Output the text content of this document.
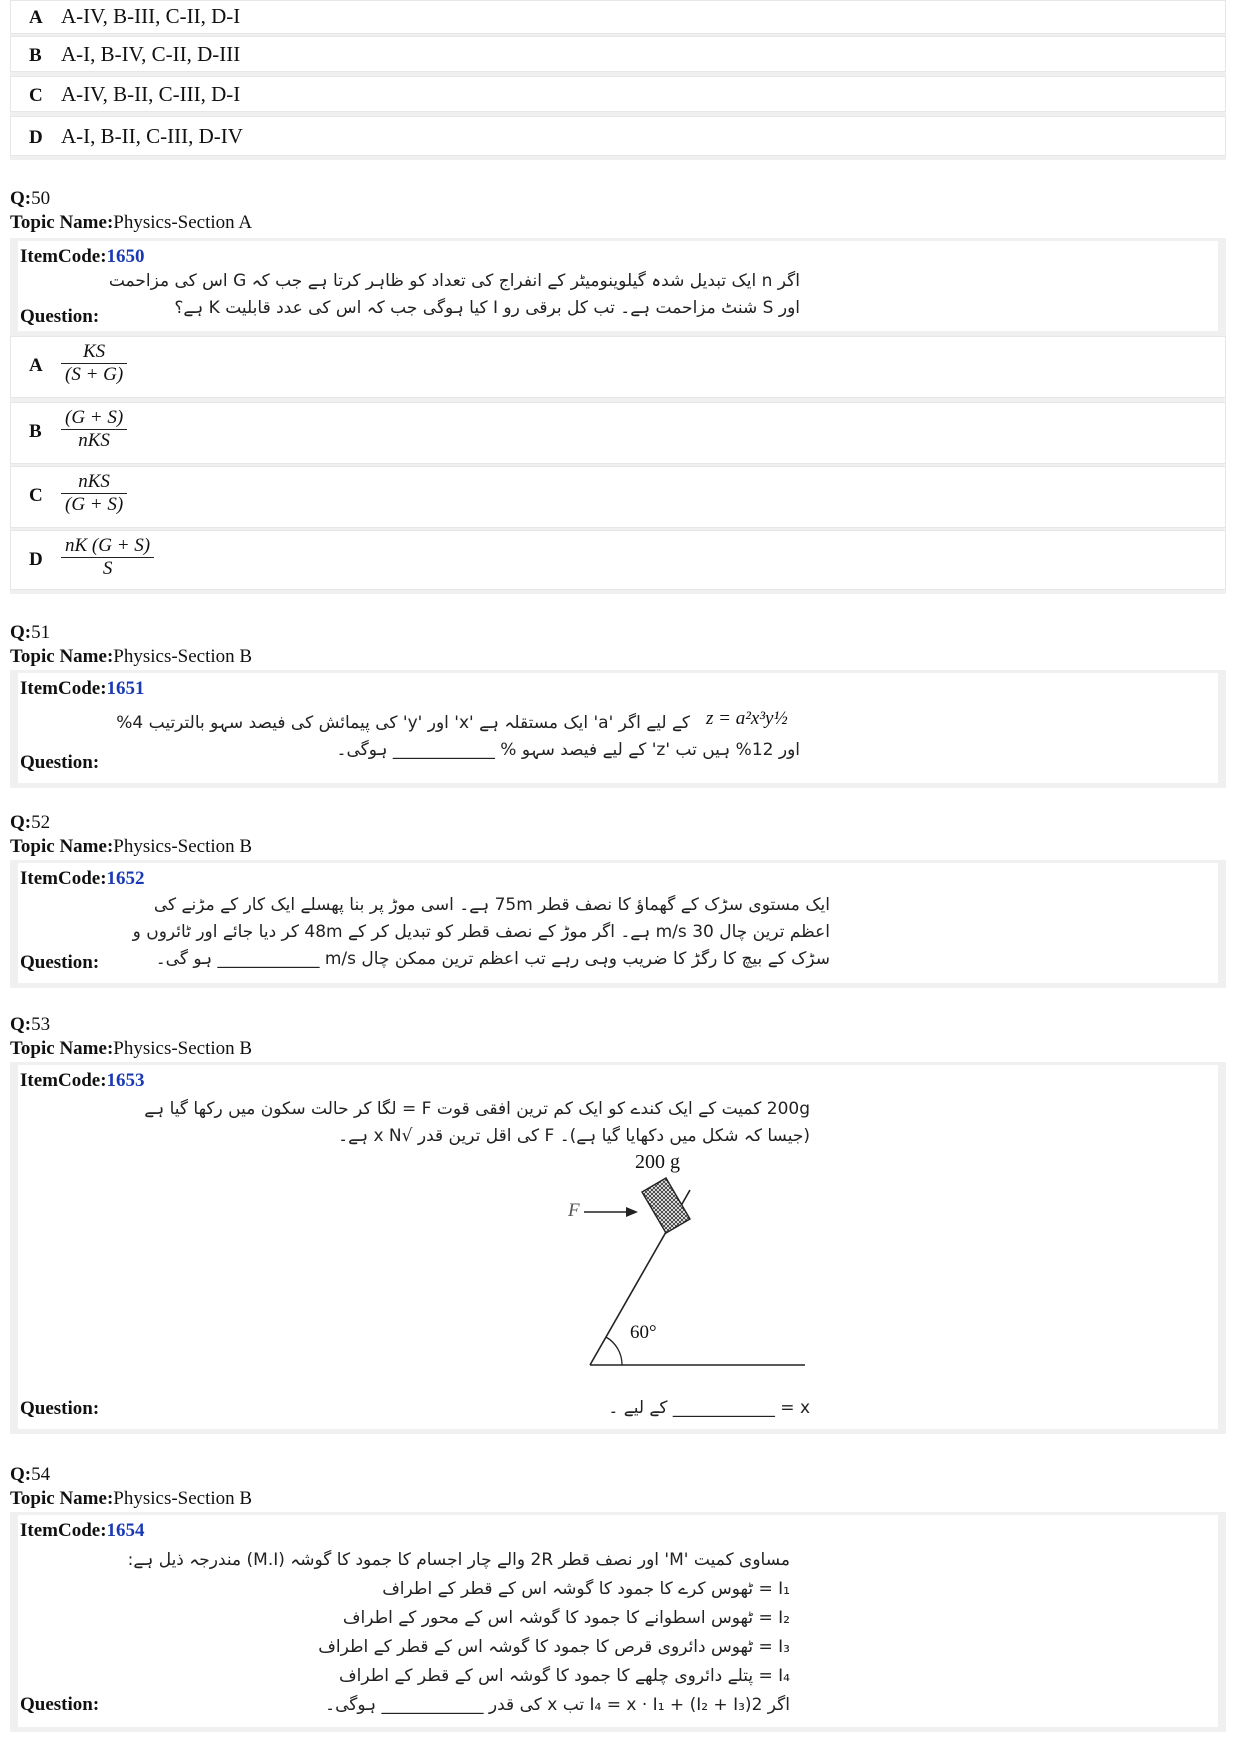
A A-IV, B-III, C-II, D-I
B A-I, B-IV, C-II, D-III
C A-IV, B-II, C-III, D-I
D A-I, B-II, C-III, D-IV
Q:50
Topic Name:Physics-Section A
ItemCode:1650
اگر n ایک تبدیل شدہ گیلوینومیٹر کے انفراج کی تعداد کو ظاہر کرتا ہے جب کہ G اس کی مزاحمت
اور S شنٹ مزاحمت ہے۔ تب کل برقی رو I کیا ہوگی جب کہ اس کی عدد قابلیت K ہے؟
Question:
A $\frac{KS}{(S + G)}$
B
(G + S)
nKS
C
nKS
(G + S)
D $\frac{nK (G + S)}{S}$
Q:51
Topic Name:Physics-Section B
ItemCode:1651
z = a²x³y½
کے لیے اگر 'a' ایک مستقلہ ہے 'x' اور 'y' کی پیمائش کی فیصد سہو بالترتیب 4%
اور 12% ہیں تب 'z' کے لیے فیصد سہو % ____________ ہوگی۔
Question:
Q:52
Topic Name:Physics-Section B
ItemCode:1652
ایک مستوی سڑک کے گھماؤ کا نصف قطر 75m ہے۔ اسی موڑ پر بنا پھسلے ایک کار کے مڑنے کی
اعظم ترین چال 30 m/s ہے۔ اگر موڑ کے نصف قطر کو تبدیل کر کے 48m کر دیا جائے اور ٹائروں و
سڑک کے بیچ کا رگڑ کا ضریب وہی رہے تب اعظم ترین ممکن چال m/s ____________ ہو گی۔
Question:
Q:53
Topic Name:Physics-Section B
ItemCode:1653
200g کمیت کے ایک کندے کو ایک کم ترین افقی قوت F = لگا کر حالت سکون میں رکھا گیا ہے
(جیسا کہ شکل میں دکھایا گیا ہے)۔ F کی اقل ترین قدر √x N ہے۔
200 g
F
60°
x = ____________ کے لیے ۔
Question:
Q:54
Topic Name:Physics-Section B
ItemCode:1654
مساوی کمیت 'M' اور نصف قطر 2R والے چار اجسام کا جمود کا گوشہ (M.I) مندرجہ ذیل ہے:
I₁ = ٹھوس کرے کا جمود کا گوشہ اس کے قطر کے اطراف
I₂ = ٹھوس اسطوانے کا جمود کا گوشہ اس کے محور کے اطراف
I₃ = ٹھوس دائروی قرص کا جمود کا گوشہ اس کے قطر کے اطراف
I₄ = پتلے دائروی چلھے کا جمود کا گوشہ اس کے قطر کے اطراف
اگر 2(I₂ + I₃) + I₄ = x · I₁ تب x کی قدر ____________ ہوگی۔
Question:
